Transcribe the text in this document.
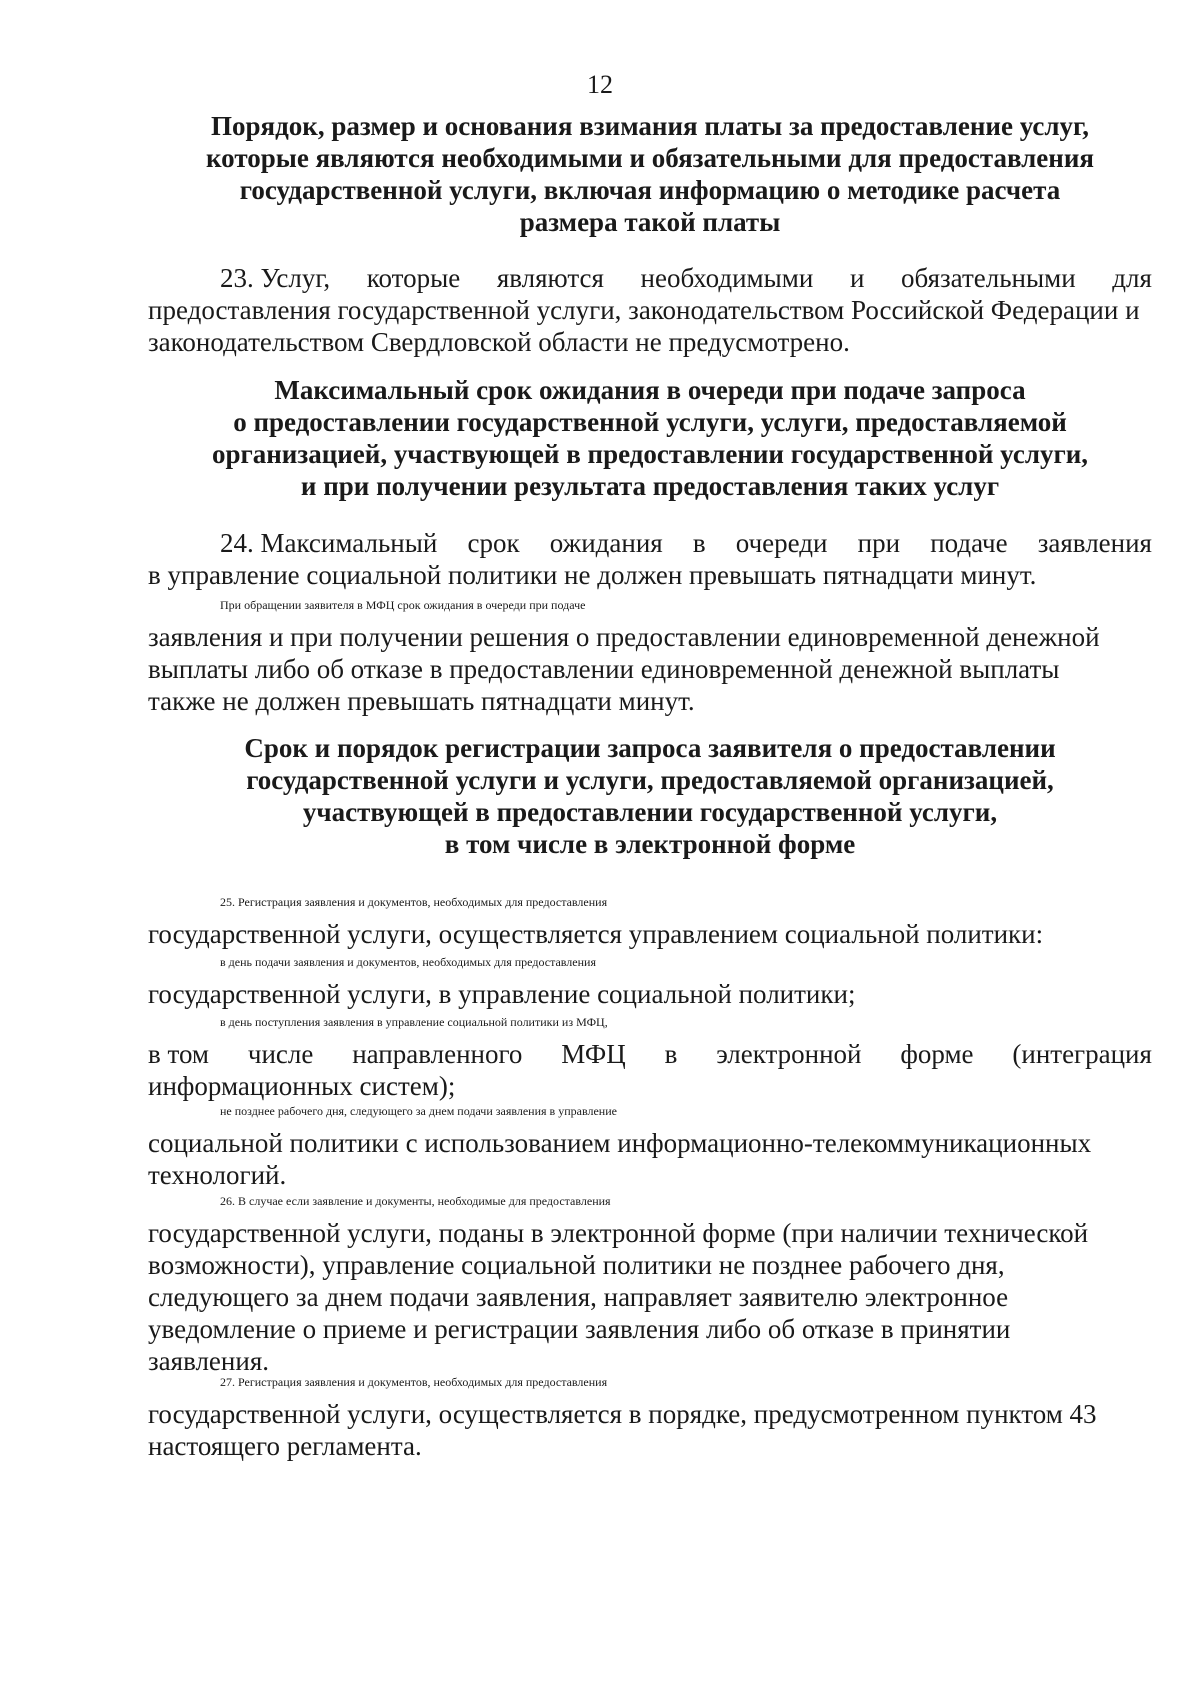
12
Порядок, размер и основания взимания платы за предоставление услуг,
которые являются необходимыми и обязательными для предоставления
государственной услуги, включая информацию о методике расчета
размера такой платы
23. Услуг, которые являются необходимыми и обязательными для
предоставления государственной услуги, законодательством Российской Федерации и
законодательством Свердловской области не предусмотрено.
Максимальный срок ожидания в очереди при подаче запроса
о предоставлении государственной услуги, услуги, предоставляемой
организацией, участвующей в предоставлении государственной услуги,
и при получении результата предоставления таких услуг
24. Максимальный срок ожидания в очереди при подаче заявления
в управление социальной политики не должен превышать пятнадцати минут.
При обращении заявителя в МФЦ срок ожидания в очереди при подаче
заявления и при получении решения о предоставлении единовременной денежной
выплаты либо об отказе в предоставлении единовременной денежной выплаты
также не должен превышать пятнадцати минут.
Срок и порядок регистрации запроса заявителя о предоставлении
государственной услуги и услуги, предоставляемой организацией,
участвующей в предоставлении государственной услуги,
в том числе в электронной форме
25. Регистрация заявления и документов, необходимых для предоставления
государственной услуги, осуществляется управлением социальной политики:
в день подачи заявления и документов, необходимых для предоставления
государственной услуги, в управление социальной политики;
в день поступления заявления в управление социальной политики из МФЦ,
в том числе направленного МФЦ в электронной форме (интеграция
информационных систем);
не позднее рабочего дня, следующего за днем подачи заявления в управление
социальной политики с использованием информационно-телекоммуникационных
технологий.
26. В случае если заявление и документы, необходимые для предоставления
государственной услуги, поданы в электронной форме (при наличии технической
возможности), управление социальной политики не позднее рабочего дня,
следующего за днем подачи заявления, направляет заявителю электронное
уведомление о приеме и регистрации заявления либо об отказе в принятии
заявления.
27. Регистрация заявления и документов, необходимых для предоставления
государственной услуги, осуществляется в порядке, предусмотренном пунктом 43
настоящего регламента.
